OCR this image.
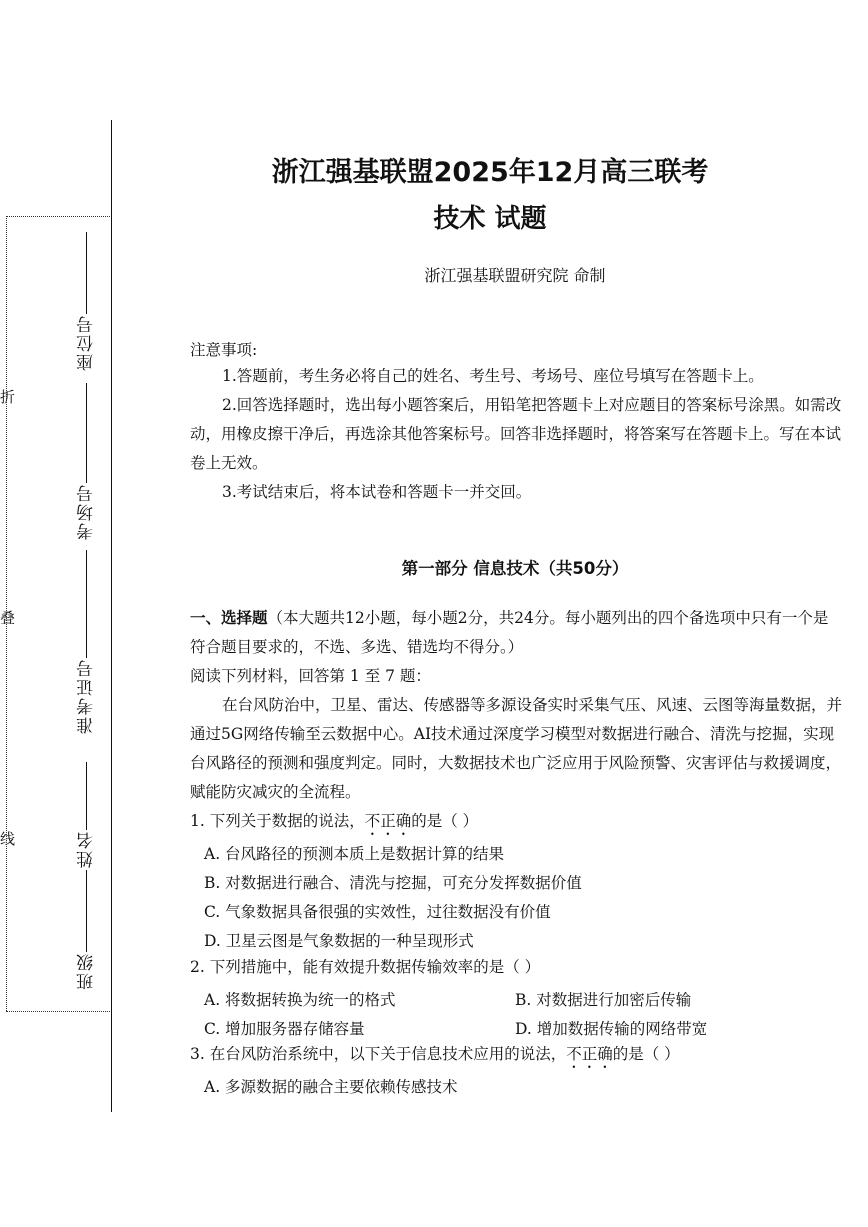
折
叠
线
座位号
考场号
准考证号
姓名
班级
浙江强基联盟2025年12月高三联考
技术 试题
浙江强基联盟研究院 命制
注意事项:
1.答题前，考生务必将自己的姓名、考生号、考场号、座位号填写在答题卡上。
2.回答选择题时，选出每小题答案后，用铅笔把答题卡上对应题目的答案标号涂黑。如需改动，用橡皮擦干净后，再选涂其他答案标号。回答非选择题时，将答案写在答题卡上。写在本试卷上无效。
3.考试结束后，将本试卷和答题卡一并交回。
第一部分 信息技术（共50分）
一、选择题（本大题共12小题，每小题2分，共24分。每小题列出的四个备选项中只有一个是符合题目要求的，不选、多选、错选均不得分。）
阅读下列材料，回答第 1 至 7 题：
在台风防治中，卫星、雷达、传感器等多源设备实时采集气压、风速、云图等海量数据，并通过5G网络传输至云数据中心。AI技术通过深度学习模型对数据进行融合、清洗与挖掘，实现台风路径的预测和强度判定。同时，大数据技术也广泛应用于风险预警、灾害评估与救援调度，赋能防灾减灾的全流程。
1. 下列关于数据的说法，不正确的是（ ）
A. 台风路径的预测本质上是数据计算的结果
B. 对数据进行融合、清洗与挖掘，可充分发挥数据价值
C. 气象数据具备很强的实效性，过往数据没有价值
D. 卫星云图是气象数据的一种呈现形式
2. 下列措施中，能有效提升数据传输效率的是（ ）
A. 将数据转换为统一的格式	B. 对数据进行加密后传输
C. 增加服务器存储容量	D. 增加数据传输的网络带宽
3. 在台风防治系统中，以下关于信息技术应用的说法，不正确的是（ ）
A. 多源数据的融合主要依赖传感技术
